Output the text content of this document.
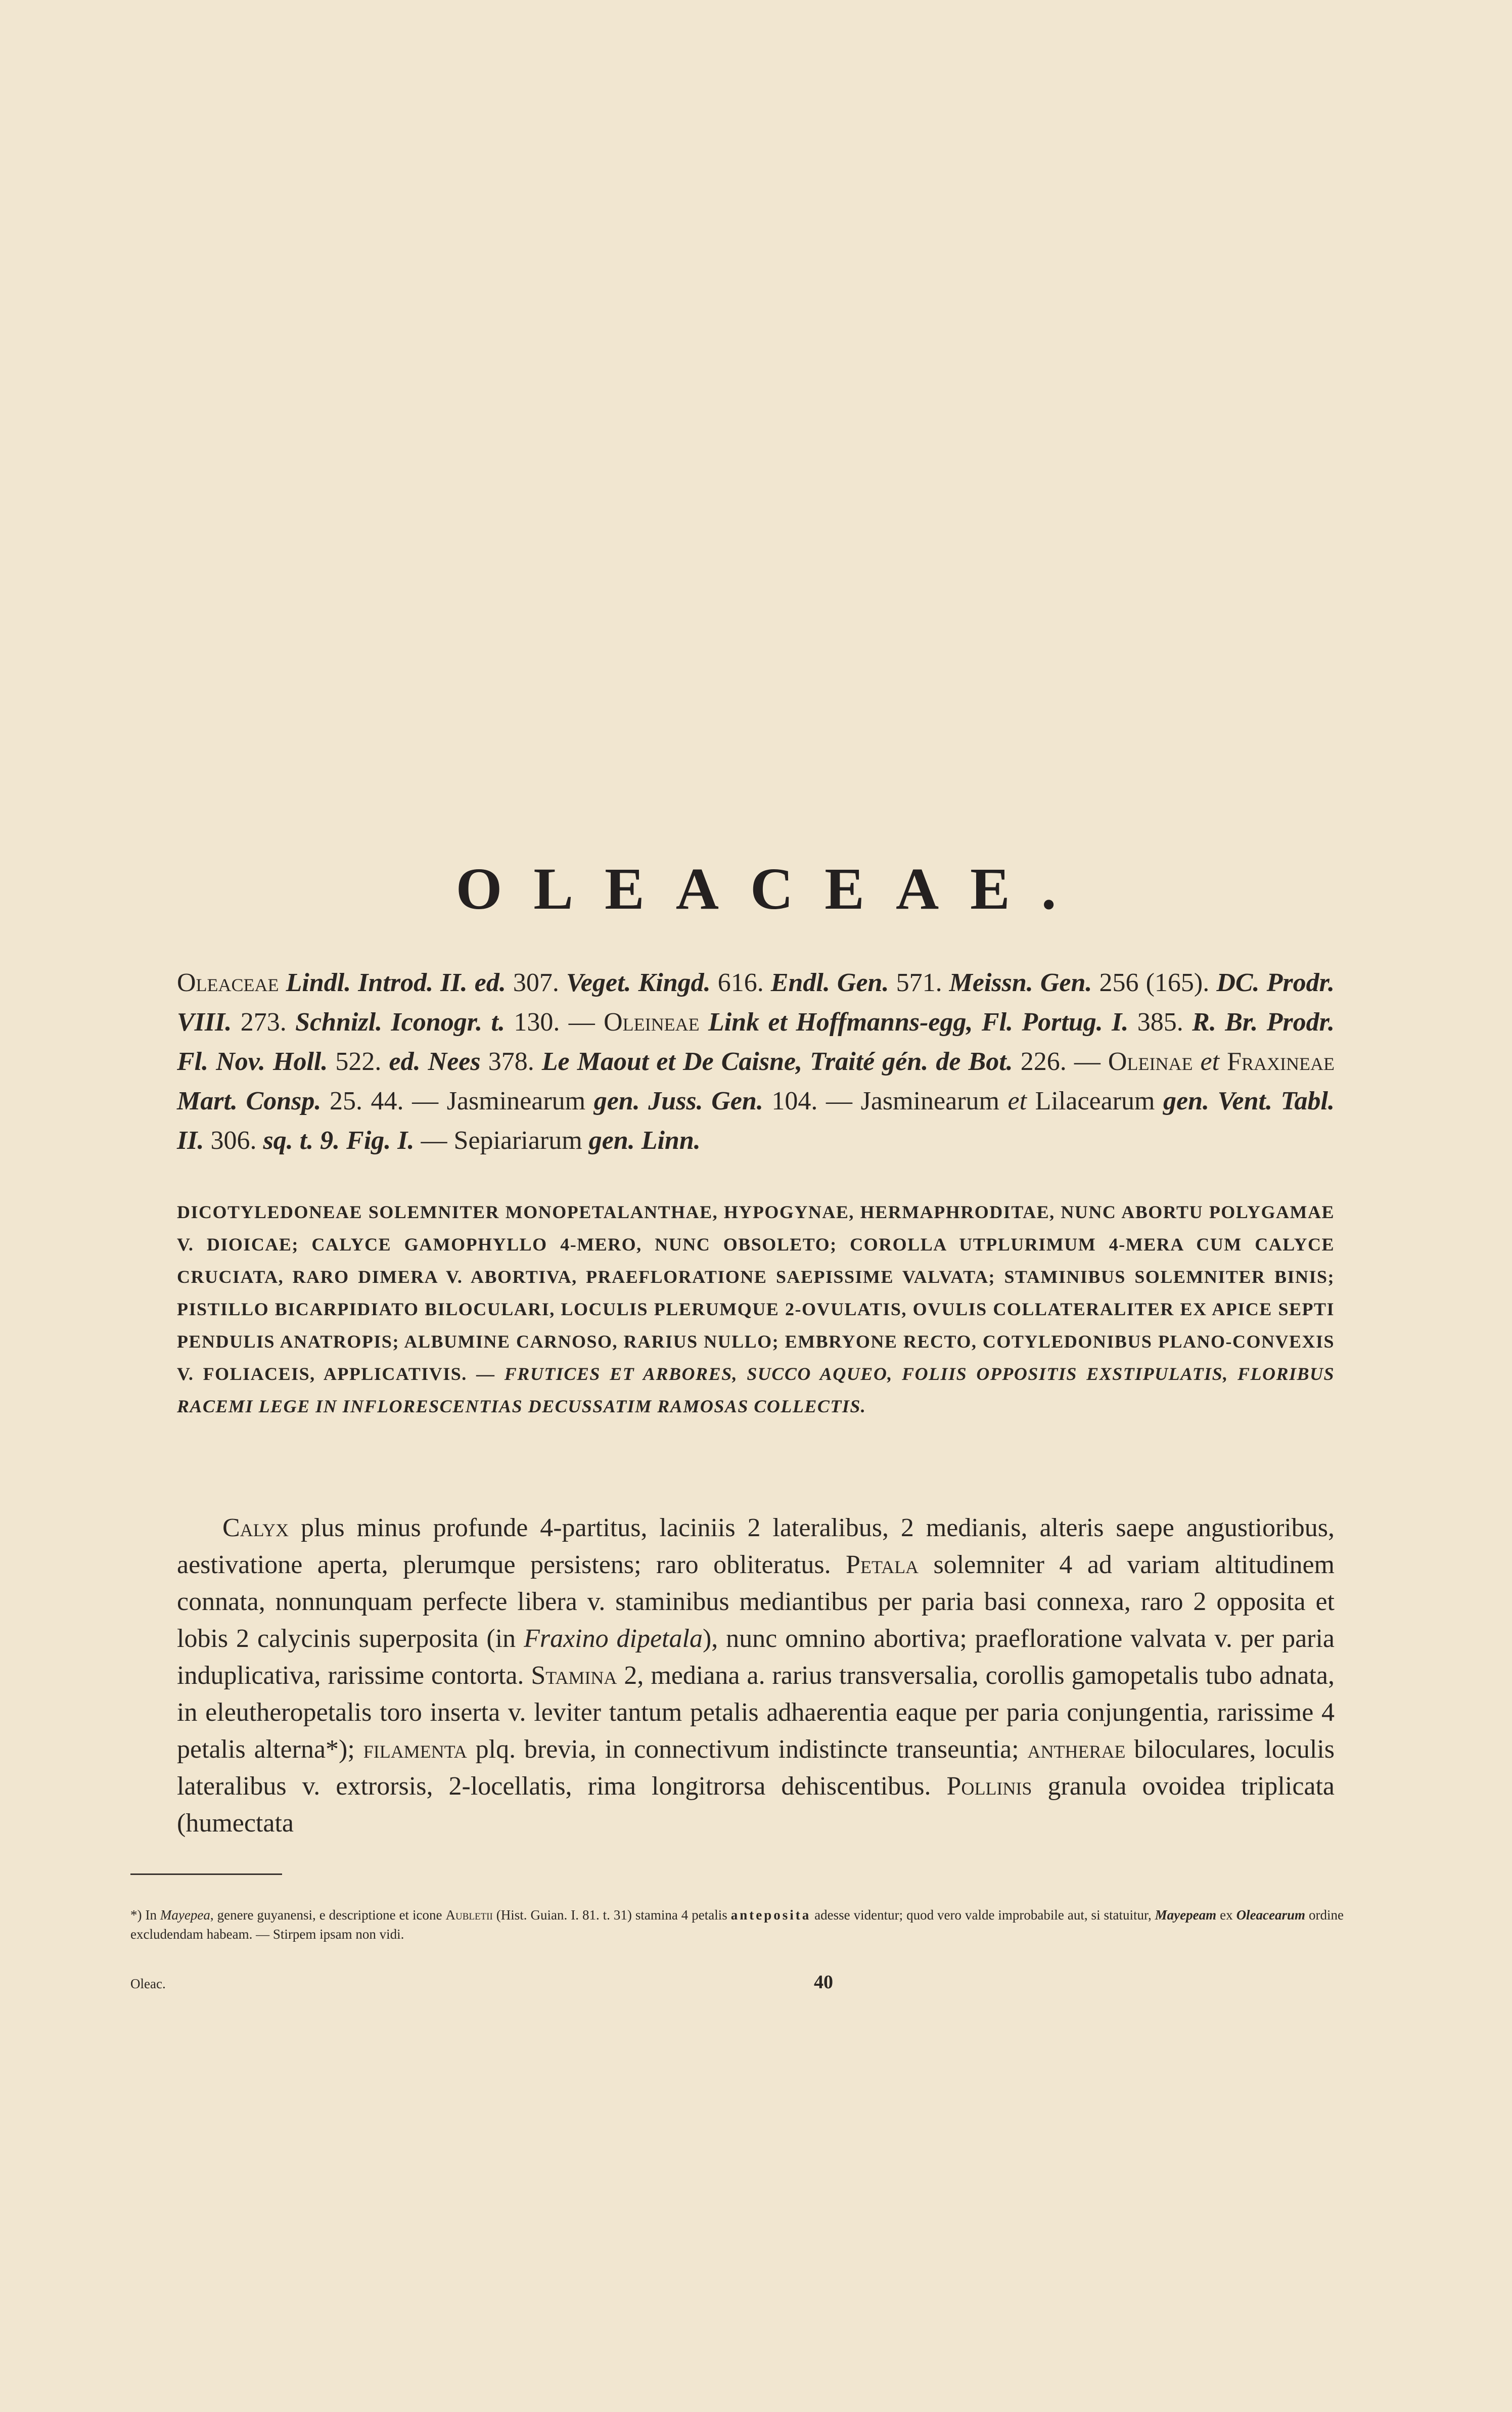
OLEACEAE.
Oleaceae Lindl. Introd. II. ed. 307. Veget. Kingd. 616. Endl. Gen. 571. Meissn. Gen. 256 (165). DC. Prodr. VIII. 273. Schnizl. Iconogr. t. 130. — Oleineae Link et Hoffmanns-egg, Fl. Portug. I. 385. R. Br. Prodr. Fl. Nov. Holl. 522. ed. Nees 378. Le Maout et De Caisne, Traité gén. de Bot. 226. — Oleinae et Fraxineae Mart. Consp. 25. 44. — Jasminearum gen. Juss. Gen. 104. — Jasminearum et Lilacearum gen. Vent. Tabl. II. 306. sq. t. 9. Fig. I. — Sepiariarum gen. Linn.
DICOTYLEDONEAE SOLEMNITER MONOPETALANTHAE, HYPOGYNAE, HERMAPHRODITAE, NUNC ABORTU POLYGAMAE V. DIOICAE; CALYCE GAMOPHYLLO 4-MERO, NUNC OBSOLETO; COROLLA UTPLURIMUM 4-MERA CUM CALYCE CRUCIATA, RARO DIMERA V. ABORTIVA, PRAEFLORATIONE SAEPISSIME VALVATA; STAMINIBUS SOLEMNITER BINIS; PISTILLO BICARPIDIATO BILOCULARI, LOCULIS PLERUMQUE 2-OVULATIS, OVULIS COLLATERALITER EX APICE SEPTI PENDULIS ANATROPIS; ALBUMINE CARNOSO, RARIUS NULLO; EMBRYONE RECTO, COTYLEDONIBUS PLANO-CONVEXIS V. FOLIACEIS, APPLICATIVIS. — FRUTICES ET ARBORES, SUCCO AQUEO, FOLIIS OPPOSITIS EXSTIPULATIS, FLORIBUS RACEMI LEGE IN INFLORESCENTIAS DECUSSATIM RAMOSAS COLLECTIS.
Calyx plus minus profunde 4-partitus, laciniis 2 lateralibus, 2 medianis, alteris saepe angustioribus, aestivatione aperta, plerumque persistens; raro obliteratus. Petala solemniter 4 ad variam altitudinem connata, nonnunquam perfecte libera v. staminibus mediantibus per paria basi connexa, raro 2 opposita et lobis 2 calycinis superposita (in Fraxino dipetala), nunc omnino abortiva; praefloratione valvata v. per paria induplicativa, rarissime contorta. Stamina 2, mediana a. rarius transversalia, corollis gamopetalis tubo adnata, in eleutheropetalis toro inserta v. leviter tantum petalis adhaerentia eaque per paria conjungentia, rarissime 4 petalis alterna*); filamenta plq. brevia, in connectivum indistincte transeuntia; antherae biloculares, loculis lateralibus v. extrorsis, 2-locellatis, rima longitrorsa dehiscentibus. Pollinis granula ovoidea triplicata (humectata
*) In Mayepea, genere guyanensi, e descriptione et icone Aubletii (Hist. Guian. I. 81. t. 31) stamina 4 petalis anteposita adesse videntur; quod vero valde improbabile aut, si statuitur, Mayepeam ex Oleacearum ordine excludendam habeam. — Stirpem ipsam non vidi.
Oleac.	40
